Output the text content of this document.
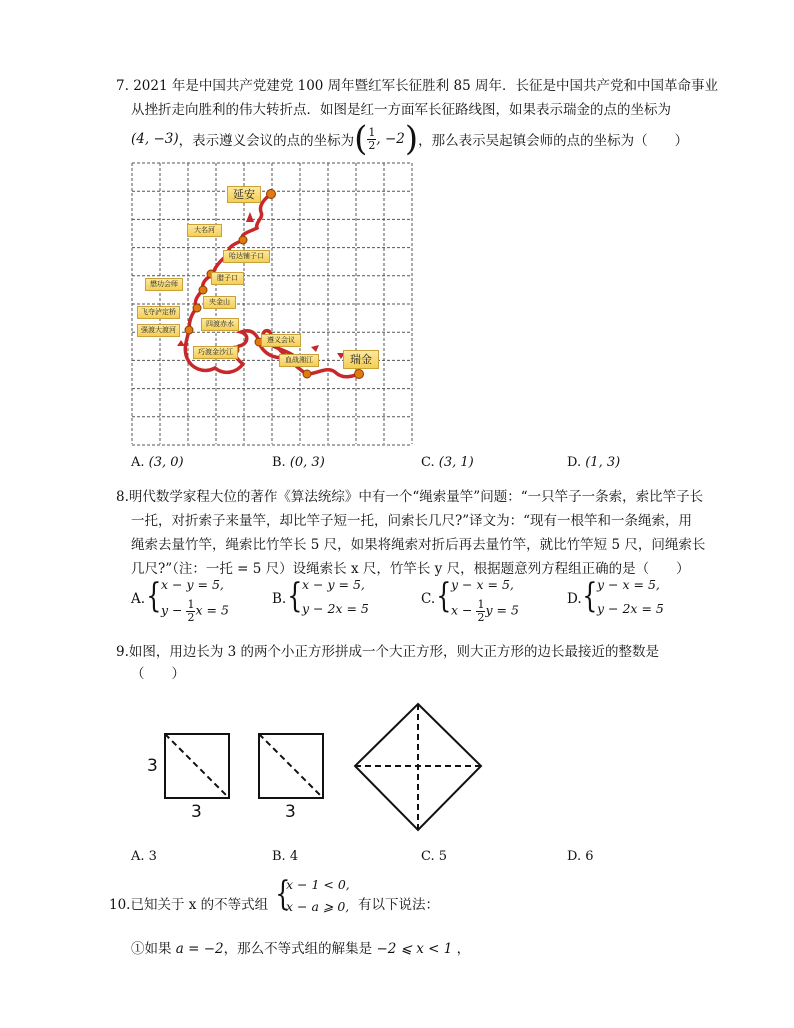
7. 2021 年是中国共产党建党 100 周年暨红军长征胜利 85 周年．长征是中国共产党和中国革命事业
从挫折走向胜利的伟大转折点．如图是红一方面军长征路线图，如果表示瑞金的点的坐标为
(4, −3) ，表示遵义会议的点的坐标为 ( $\frac{1}{2}$ , −2 ) ，那么表示吴起镇会师的点的坐标为（　　）
延安
大名河
哈达铺子口
腊子口
懋功会师
夹金山
飞夺泸定桥
四渡赤水
强渡大渡河
巧渡金沙江
遵义会议
血战湘江	瑞金
A. (3, 0)	B. (0, 3)	C. (3, 1)	D. (1, 3)
8.明代数学家程大位的著作《算法统综》中有一个“绳索量竿”问题：“一只竿子一条索，索比竿子长
一托，对折索子来量竿，却比竿子短一托，问索长几尺?”译文为：“现有一根竿和一条绳索，用
绳索去量竹竿，绳索比竹竿长 5 尺，如果将绳索对折后再去量竹竿，就比竹竿短 5 尺，问绳索长
几尺?”（注：一托 = 5 尺）设绳索长 x 尺，竹竿长 y 尺，根据题意列方程组正确的是（　　）
A. { x − y = 5,
$y - \frac{1}{2}$ x = 5
B. { x − y = 5,
y − 2x = 5
C. { y − x = 5,
$x - \frac{1}{2}$ y = 5
D. { y − x = 5,
y − 2x = 5
9.如图，用边长为 3 的两个小正方形拼成一个大正方形，则大正方形的边长最接近的整数是
（　　）
3
3	3
A. 3	B. 4	C. 5	D. 6
10.已知关于 x 的不等式组 {
x − 1 < 0,
x − a ⩾ 0, 有以下说法：
①如果 a = −2，那么不等式组的解集是 −2 ⩽ x < 1 ，
